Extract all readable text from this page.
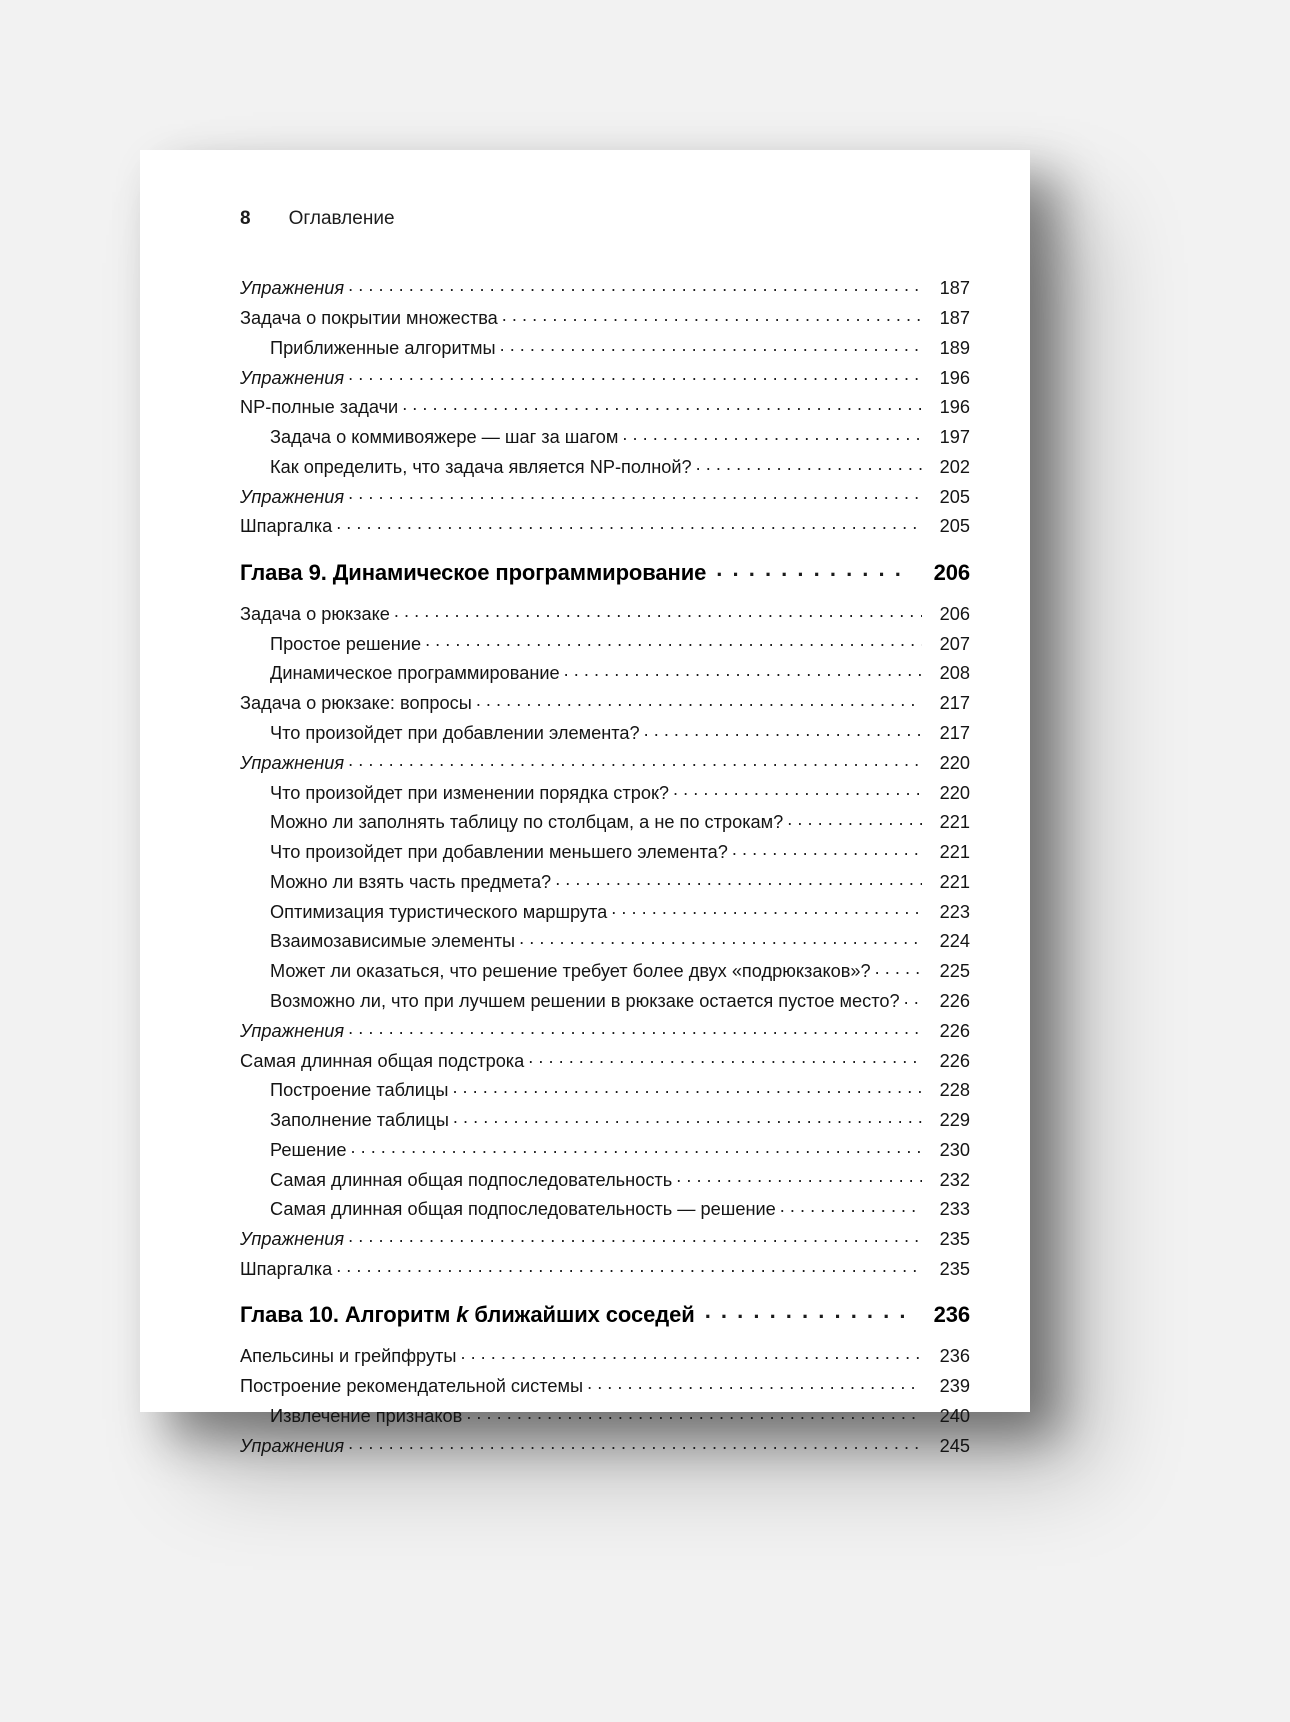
8 Оглавление
Упражнения . . .	187
Задача о покрытии множества . . .	187
Приближенные алгоритмы . . .	189
Упражнения . . .	196
NP-полные задачи . . .	196
Задача о коммивояжере — шаг за шагом . . .	197
Как определить, что задача является NP-полной? . . .	202
Упражнения . . .	205
Шпаргалка . . .	205
Глава 9. Динамическое программирование . . .	206
Задача о рюкзаке . . .	206
Простое решение . . .	207
Динамическое программирование . . .	208
Задача о рюкзаке: вопросы . . .	217
Что произойдет при добавлении элемента? . . .	217
Упражнения . . .	220
Что произойдет при изменении порядка строк? . . .	220
Можно ли заполнять таблицу по столбцам, а не по строкам? . . .	221
Что произойдет при добавлении меньшего элемента? . . .	221
Можно ли взять часть предмета? . . .	221
Оптимизация туристического маршрута . . .	223
Взаимозависимые элементы . . .	224
Может ли оказаться, что решение требует более двух «подрюкзаков»? . . .	225
Возможно ли, что при лучшем решении в рюкзаке остается пустое место? . . .	226
Упражнения . . .	226
Самая длинная общая подстрока . . .	226
Построение таблицы . . .	228
Заполнение таблицы . . .	229
Решение . . .	230
Самая длинная общая подпоследовательность . . .	232
Самая длинная общая подпоследовательность — решение . . .	233
Упражнения . . .	235
Шпаргалка . . .	235
Глава 10. Алгоритм k ближайших соседей . . .	236
Апельсины и грейпфруты . . .	236
Построение рекомендательной системы . . .	239
Извлечение признаков . . .	240
Упражнения . . .	245
